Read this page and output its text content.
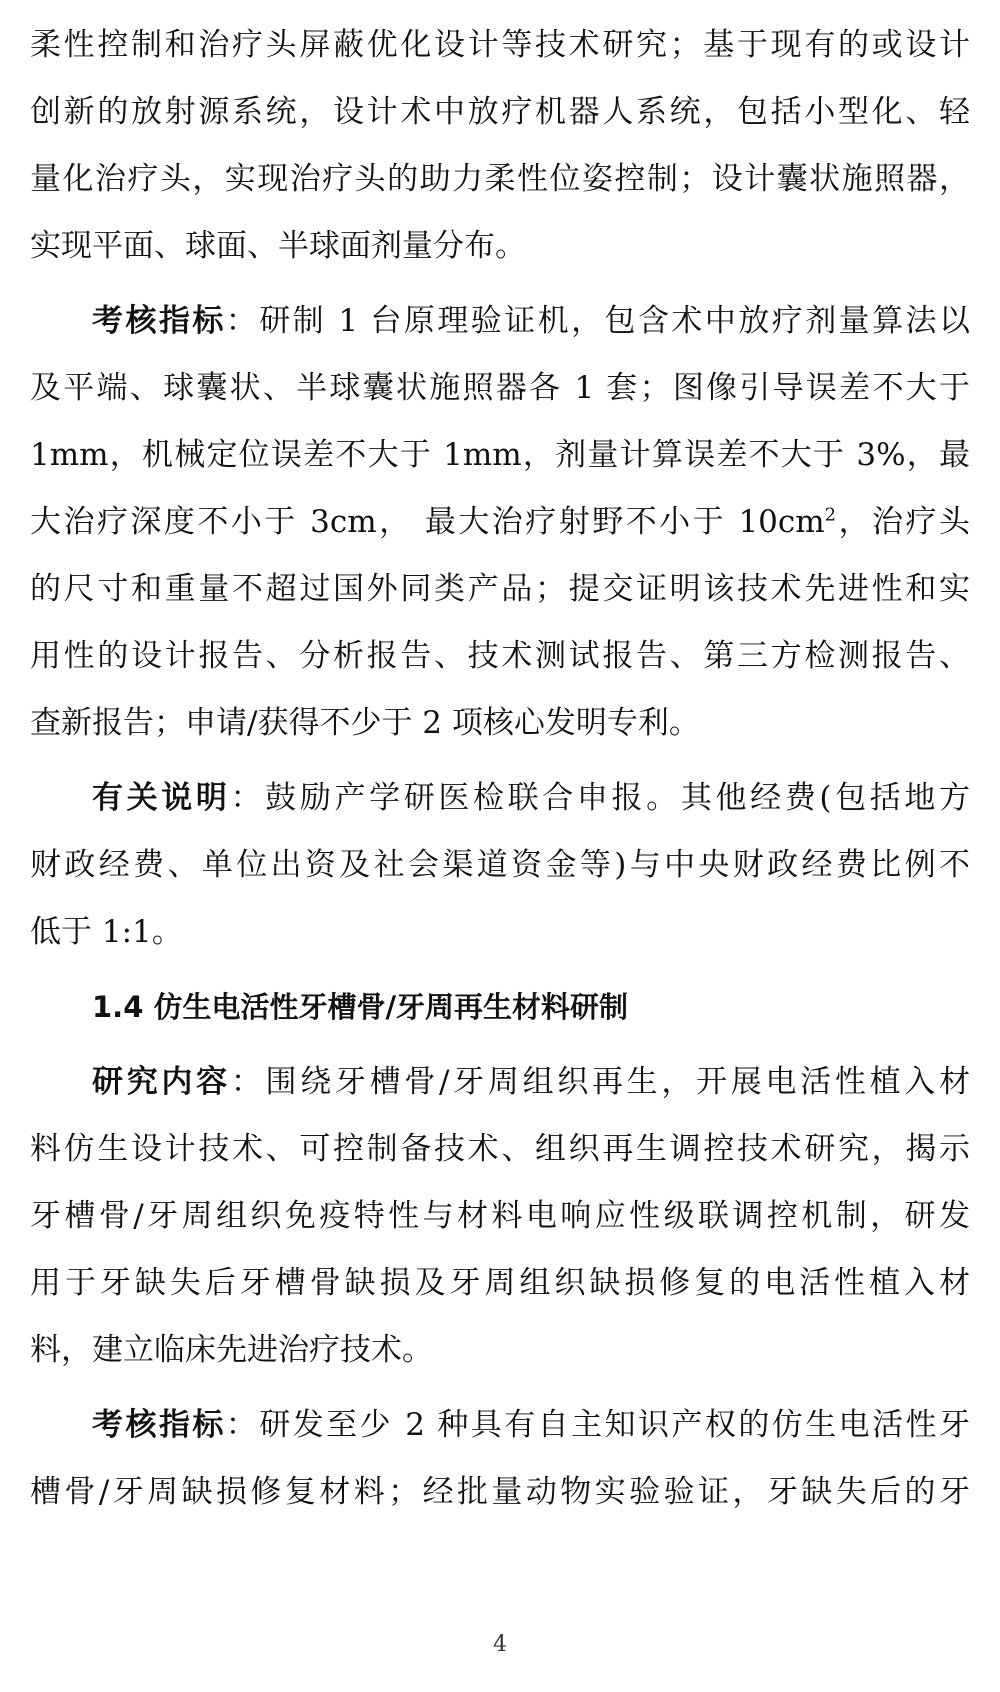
柔性控制和治疗头屏蔽优化设计等技术研究；基于现有的或设计
创新的放射源系统，设计术中放疗机器人系统，包括小型化、轻
量化治疗头，实现治疗头的助力柔性位姿控制；设计囊状施照器，
实现平面、球面、半球面剂量分布。
考核指标：研制 1 台原理验证机，包含术中放疗剂量算法以
及平端、球囊状、半球囊状施照器各 1 套；图像引导误差不大于
1mm，机械定位误差不大于 1mm，剂量计算误差不大于 3%，最
大治疗深度不小于 3cm， 最大治疗射野不小于 $10cm^2$，治疗头
的尺寸和重量不超过国外同类产品；提交证明该技术先进性和实
用性的设计报告、分析报告、技术测试报告、第三方检测报告、
查新报告；申请/获得不少于 2 项核心发明专利。
有关说明：鼓励产学研医检联合申报。其他经费(包括地方
财政经费、单位出资及社会渠道资金等)与中央财政经费比例不
低于 1:1。
1.4 仿生电活性牙槽骨/牙周再生材料研制
研究内容：围绕牙槽骨/牙周组织再生，开展电活性植入材
料仿生设计技术、可控制备技术、组织再生调控技术研究，揭示
牙槽骨/牙周组织免疫特性与材料电响应性级联调控机制，研发
用于牙缺失后牙槽骨缺损及牙周组织缺损修复的电活性植入材
料，建立临床先进治疗技术。
考核指标：研发至少 2 种具有自主知识产权的仿生电活性牙
槽骨/牙周缺损修复材料；经批量动物实验验证，牙缺失后的牙
4
